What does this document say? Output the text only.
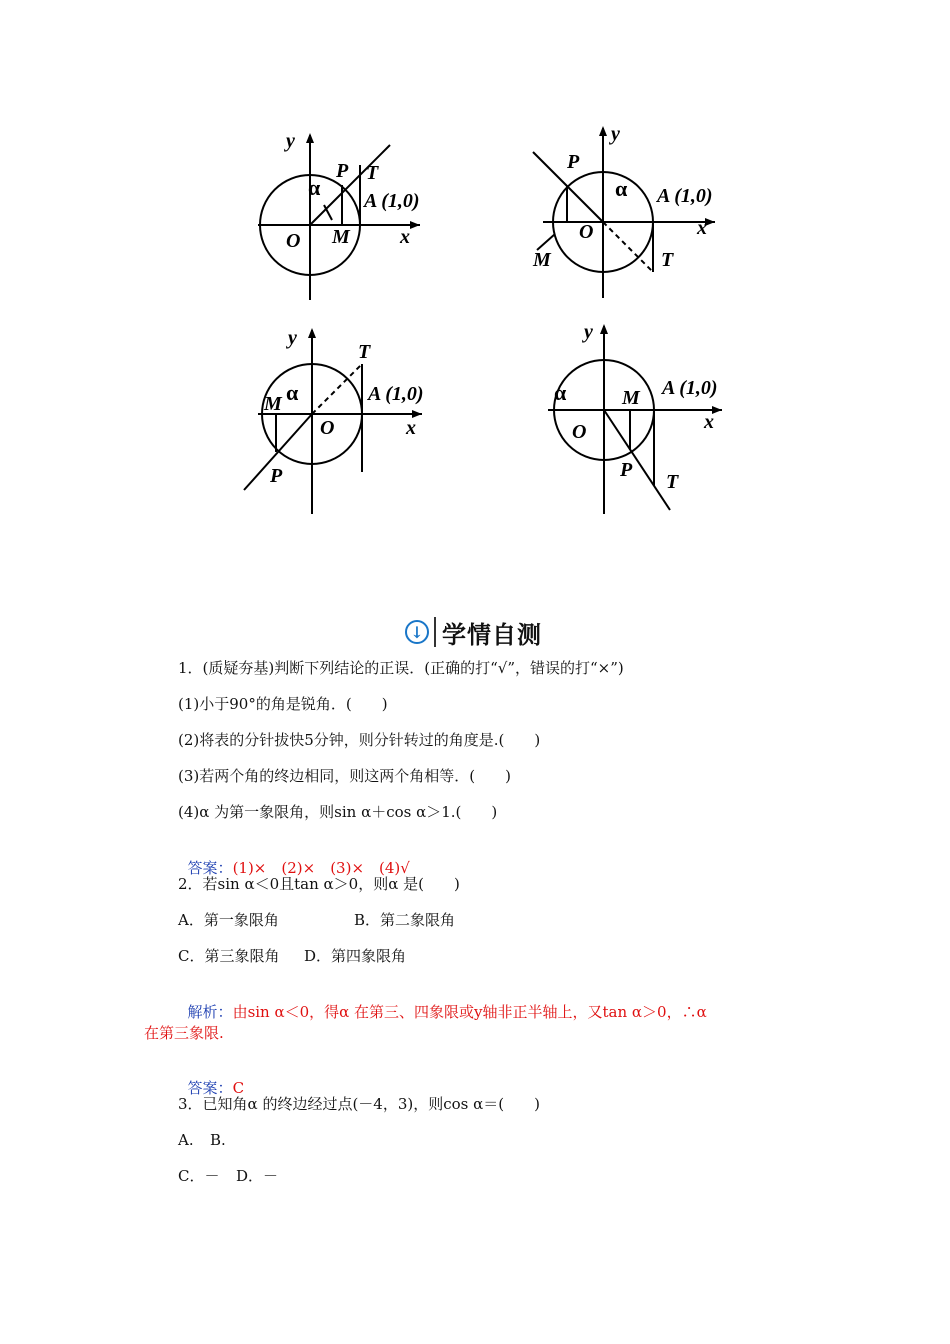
y
x
O
α
P T
M
A (1,0)
y
x
O
α
P
T
M
A (1,0)
y
x
O
α
P
T
M	A (1,0)
y
x
O
α
P
T
M A (1,0)
↓ 学情自测
1．(质疑夯基)判断下列结论的正误．(正确的打“√”，错误的打“×”)
(1)小于90°的角是锐角．(　　)
(2)将表的分针拔快5分钟，则分针转过的角度是.(　　)
(3)若两个角的终边相同，则这两个角相等．(　　)
(4)α 为第一象限角，则sin α＋cos α＞1.(　　)

答案：(1)×　(2)×　(3)×　(4)√

2．若sin α＜0且tan α＞0，则α 是(　　)
A．第一象限角	B．第二象限角
C．第三象限角 D．第四象限角

解析：由sin α＜0，得α 在第三、四象限或y轴非正半轴上，又tan α＞0，∴α

在第三象限.

答案：C

3．已知角α 的终边经过点(－4，3)，则cos α＝(　　)
A. B.
C．－ D．－
